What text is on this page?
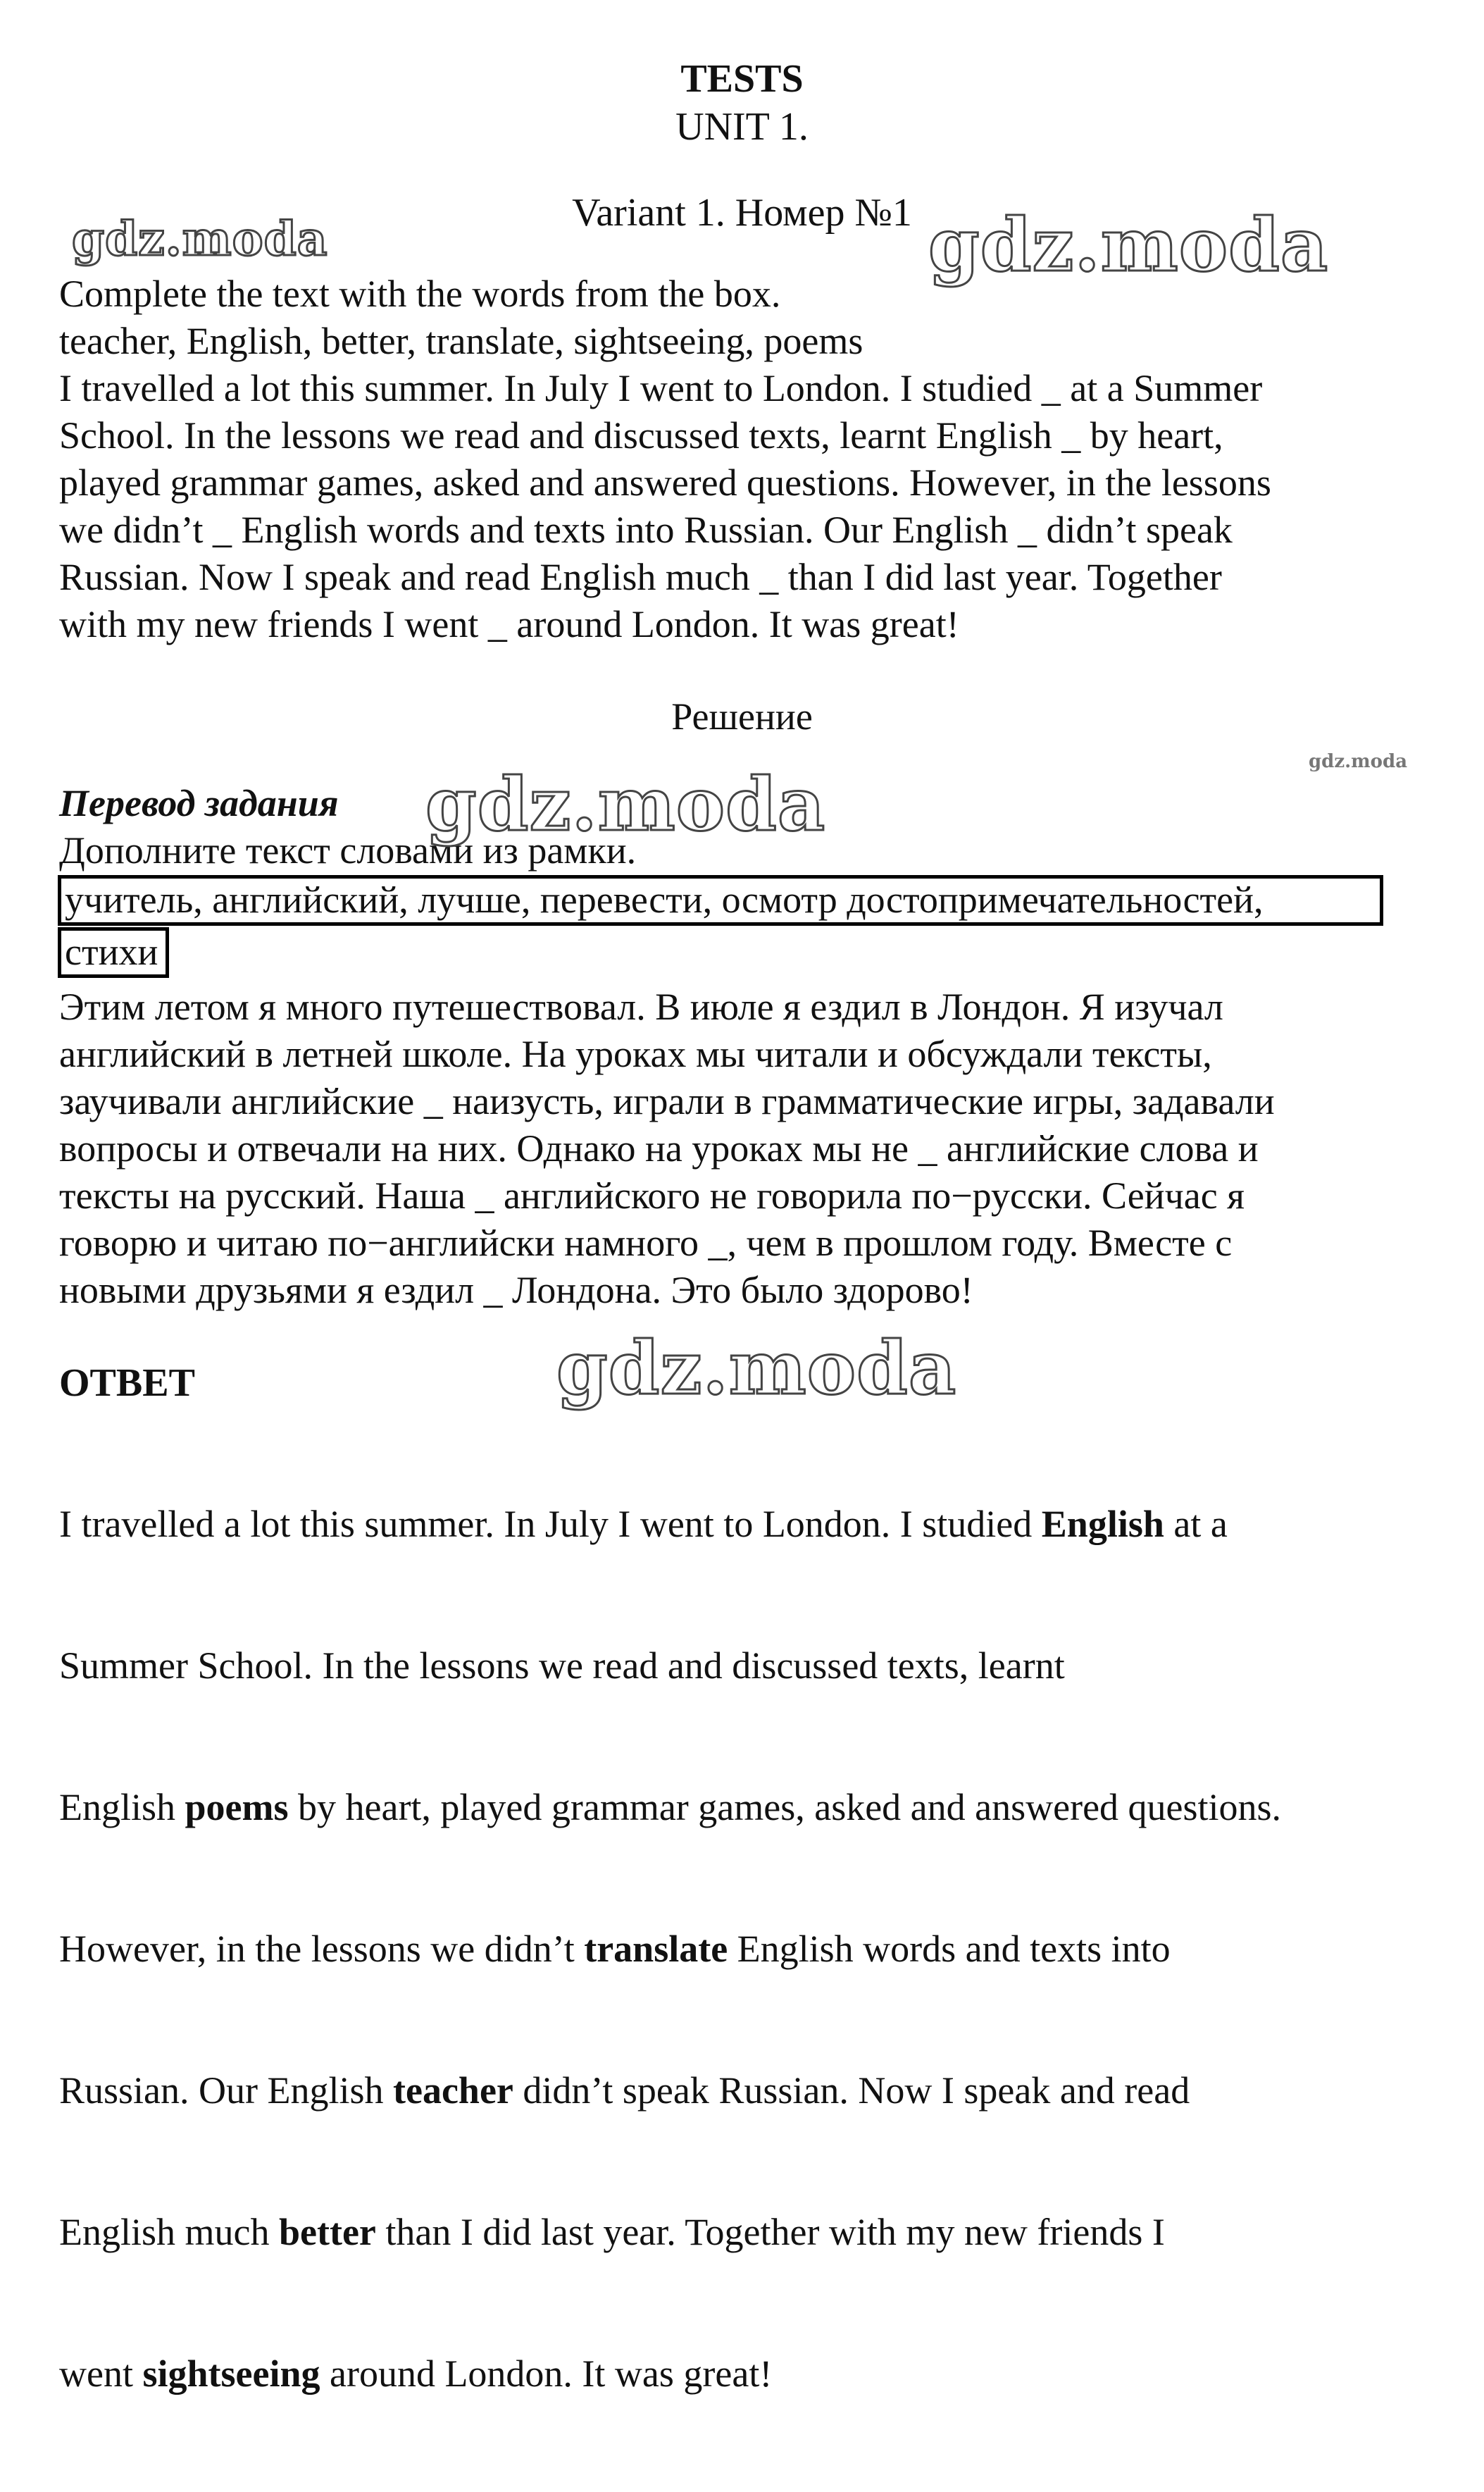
TESTS
UNIT 1.
Variant 1. Номер №1
Complete the text with the words from the box.
teacher, English, better, translate, sightseeing, poems
I travelled a lot this summer. In July I went to London. I studied _ at a Summer
School. In the lessons we read and discussed texts, learnt English _ by heart,
played grammar games, asked and answered questions. However, in the lessons
we didn’t _ English words and texts into Russian. Our English _ didn’t speak
Russian. Now I speak and read English much _ than I did last year. Together
with my new friends I went _ around London. It was great!
Решение
Перевод задания
Дополните текст словами из рамки.
учитель, английский, лучше, перевести, осмотр достопримечательностей,
стихи
Этим летом я много путешествовал. В июле я ездил в Лондон. Я изучал
английский в летней школе. На уроках мы читали и обсуждали тексты,
заучивали английские _ наизусть, играли в грамматические игры, задавали
вопросы и отвечали на них. Однако на уроках мы не _ английские слова и
тексты на русский. Наша _ английского не говорила по−русски. Сейчас я
говорю и читаю по−английски намного _, чем в прошлом году. Вместе с
новыми друзьями я ездил _ Лондона. Это было здорово!
ОТВЕТ

I travelled a lot this summer. In July I went to London. I studied English at a

Summer School. In the lessons we read and discussed texts, learnt

English poems by heart, played grammar games, asked and answered questions.

However, in the lessons we didn’t translate English words and texts into

Russian. Our English teacher didn’t speak Russian. Now I speak and read

English much better than I did last year. Together with my new friends I

went sightseeing around London. It was great!

gdz.moda	gdz.moda
gdz.moda
gdz.moda
gdz.moda
